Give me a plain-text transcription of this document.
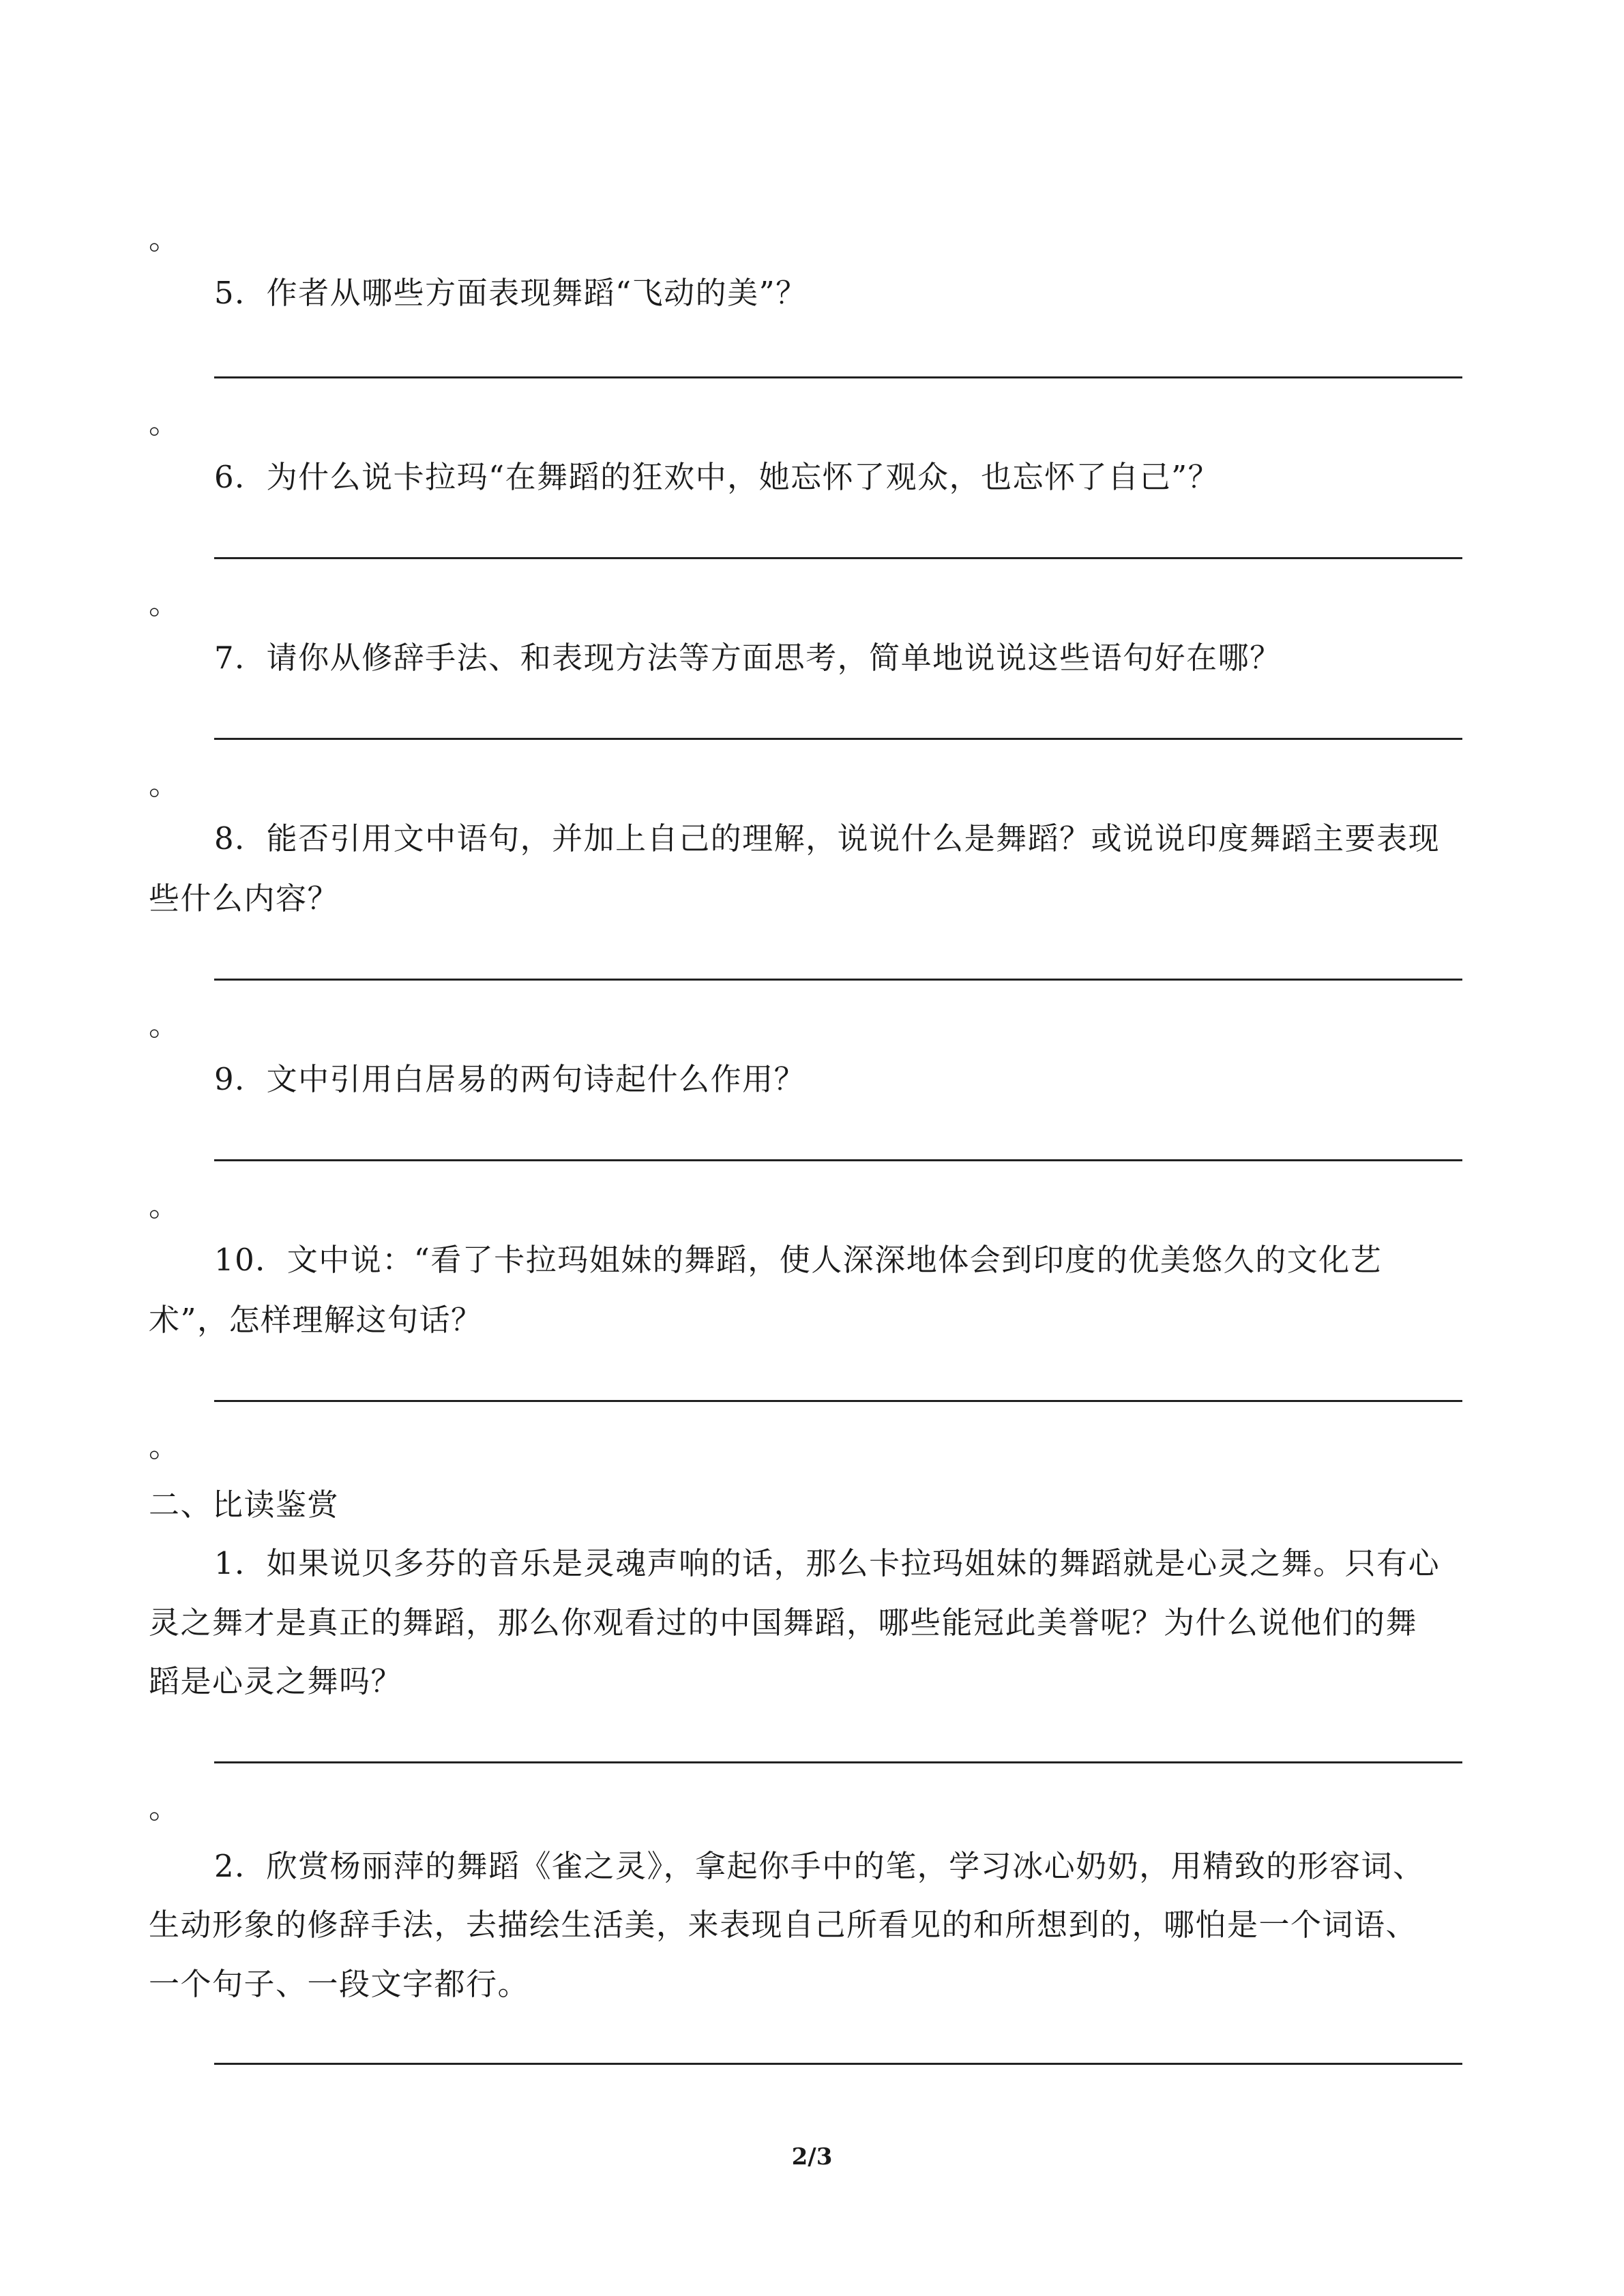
。
5．作者从哪些方面表现舞蹈“飞动的美”？
。
6．为什么说卡拉玛“在舞蹈的狂欢中，她忘怀了观众，也忘怀了自己”？
。
7．请你从修辞手法、和表现方法等方面思考，简单地说说这些语句好在哪？
。
8．能否引用文中语句，并加上自己的理解，说说什么是舞蹈？或说说印度舞蹈主要表现
些什么内容？
。
9．文中引用白居易的两句诗起什么作用？
。
10．文中说：“看了卡拉玛姐妹的舞蹈，使人深深地体会到印度的优美悠久的文化艺
术”，怎样理解这句话？
。
二、比读鉴赏
1．如果说贝多芬的音乐是灵魂声响的话，那么卡拉玛姐妹的舞蹈就是心灵之舞。只有心
灵之舞才是真正的舞蹈，那么你观看过的中国舞蹈，哪些能冠此美誉呢？为什么说他们的舞
蹈是心灵之舞吗？
。
2．欣赏杨丽萍的舞蹈《雀之灵》，拿起你手中的笔，学习冰心奶奶，用精致的形容词、
生动形象的修辞手法，去描绘生活美，来表现自己所看见的和所想到的，哪怕是一个词语、
一个句子、一段文字都行。
2/3
